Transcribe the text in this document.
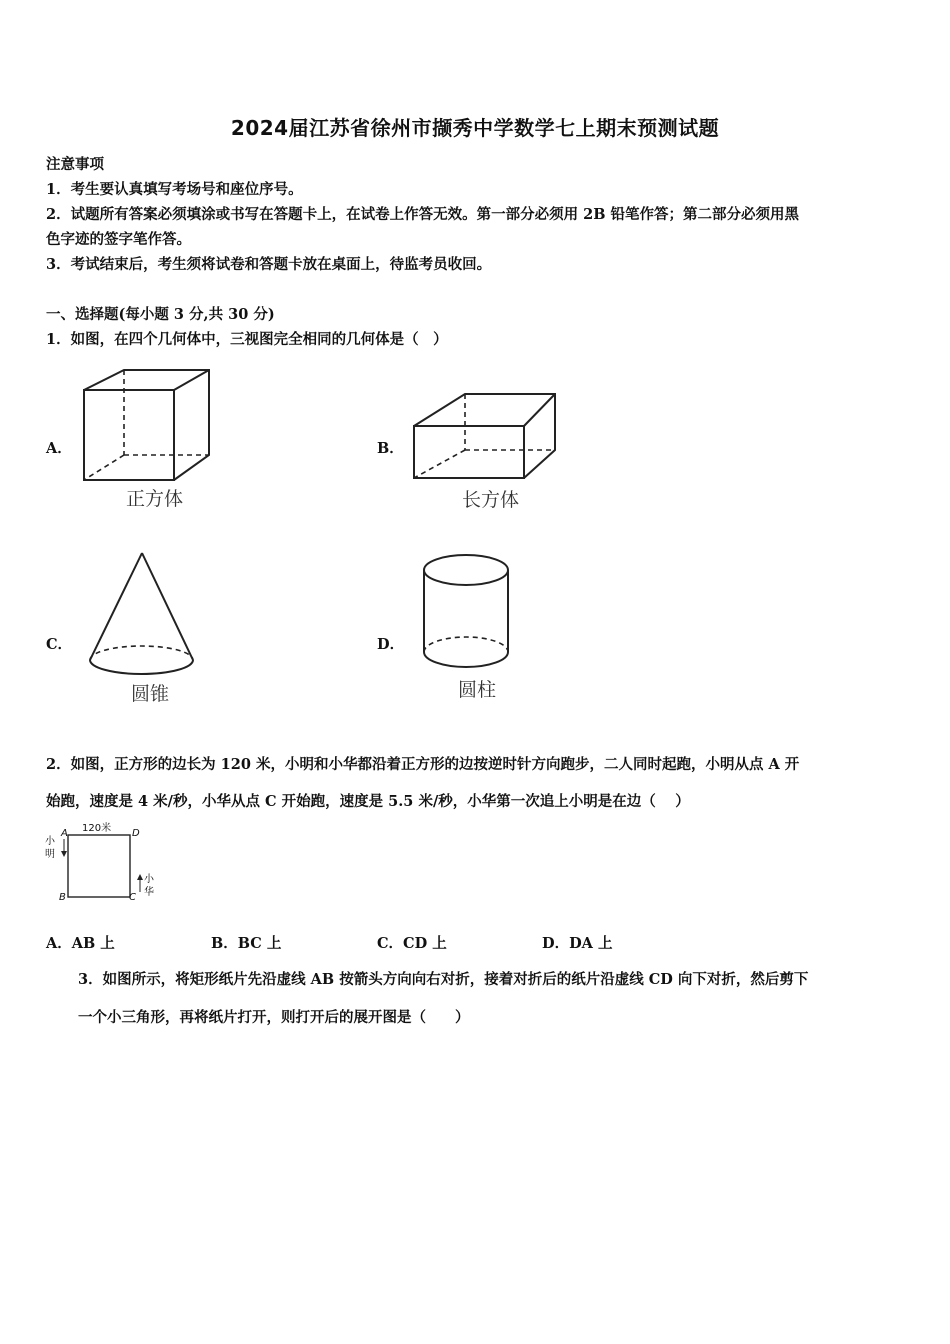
2024届江苏省徐州市撷秀中学数学七上期末预测试题
注意事项
1．考生要认真填写考场号和座位序号。
2．试题所有答案必须填涂或书写在答题卡上，在试卷上作答无效。第一部分必须用 2B 铅笔作答；第二部分必须用黑
色字迹的签字笔作答。
3．考试结束后，考生须将试卷和答题卡放在桌面上，待监考员收回。
一、选择题(每小题 3 分,共 30 分)
1．如图，在四个几何体中，三视图完全相同的几何体是（　）
A．	B．
C．	D．
正方体	长方体
圆锥	圆柱
2．如图，正方形的边长为 120 米，小明和小华都沿着正方形的边按逆时针方向跑步，二人同时起跑，小明从点 A 开
始跑，速度是 4 米/秒，小华从点 C 开始跑，速度是 5.5 米/秒，小华第一次追上小明是在边（　 ）
120米
A	D
B	C
小
明
小
华
A．AB 上	B．BC 上	C．CD 上	D．DA 上
3．如图所示，将矩形纸片先沿虚线 AB 按箭头方向向右对折，接着对折后的纸片沿虚线 CD 向下对折，然后剪下
一个小三角形，再将纸片打开，则打开后的展开图是（　　）
